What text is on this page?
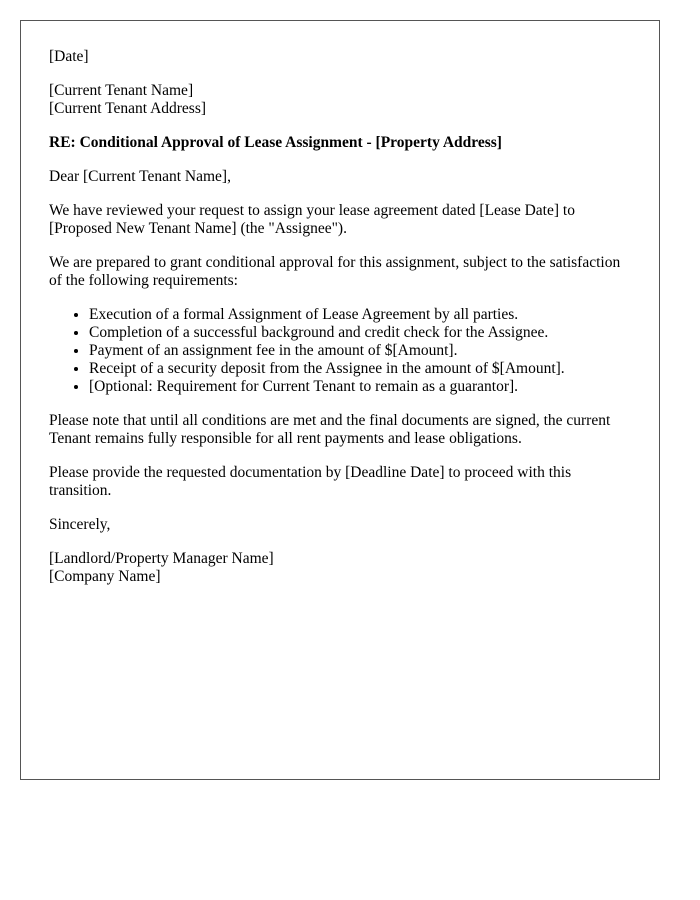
[Date]

[Current Tenant Name]
[Current Tenant Address]

RE: Conditional Approval of Lease Assignment - [Property Address]

Dear [Current Tenant Name],

We have reviewed your request to assign your lease agreement dated [Lease Date] to [Proposed New Tenant Name] (the "Assignee").

We are prepared to grant conditional approval for this assignment, subject to the satisfaction of the following requirements:

• Execution of a formal Assignment of Lease Agreement by all parties.
• Completion of a successful background and credit check for the Assignee.
• Payment of an assignment fee in the amount of $[Amount].
• Receipt of a security deposit from the Assignee in the amount of $[Amount].
• [Optional: Requirement for Current Tenant to remain as a guarantor].

Please note that until all conditions are met and the final documents are signed, the current Tenant remains fully responsible for all rent payments and lease obligations.

Please provide the requested documentation by [Deadline Date] to proceed with this transition.

Sincerely,

[Landlord/Property Manager Name]
[Company Name]
